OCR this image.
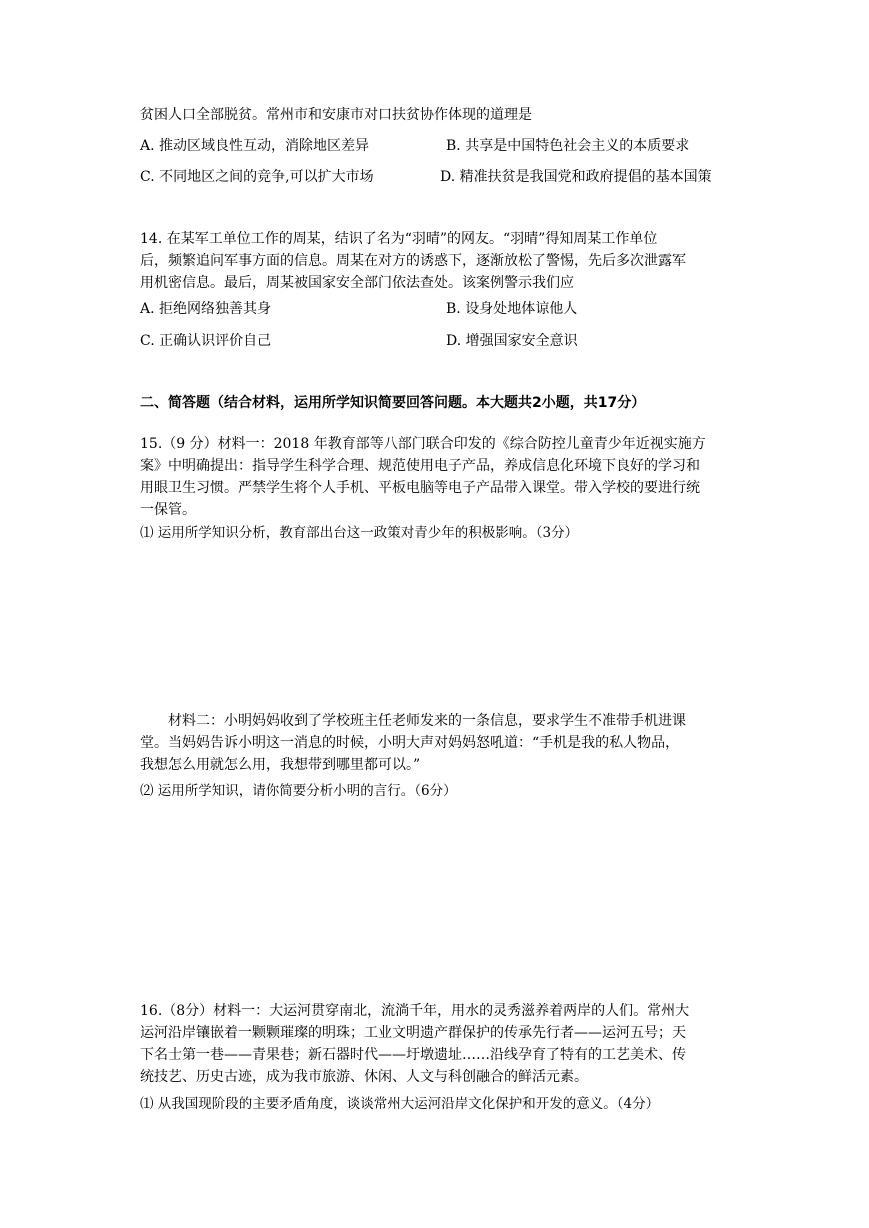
贫困人口全部脱贫。常州市和安康市对口扶贫协作体现的道理是
A. 推动区域良性互动，消除地区差异	B. 共享是中国特色社会主义的本质要求
C. 不同地区之间的竞争,可以扩大市场	D. 精准扶贫是我国党和政府提倡的基本国策
14. 在某军工单位工作的周某，结识了名为“羽晴”的网友。“羽晴”得知周某工作单位
后，频繁追问军事方面的信息。周某在对方的诱惑下，逐渐放松了警惕，先后多次泄露军
用机密信息。最后，周某被国家安全部门依法查处。该案例警示我们应
A. 拒绝网络独善其身	B. 设身处地体谅他人
C. 正确认识评价自己	D. 增强国家安全意识
二、简答题（结合材料，运用所学知识简要回答问题。本大题共2小题，共17分）
15.（9 分）材料一：2018 年教育部等八部门联合印发的《综合防控儿童青少年近视实施方
案》中明确提出：指导学生科学合理、规范使用电子产品，养成信息化环境下良好的学习和
用眼卫生习惯。严禁学生将个人手机、平板电脑等电子产品带入课堂。带入学校的要进行统
一保管。
⑴ 运用所学知识分析，教育部出台这一政策对青少年的积极影响。（3分）
材料二：小明妈妈收到了学校班主任老师发来的一条信息，要求学生不准带手机进课
堂。当妈妈告诉小明这一消息的时候，小明大声对妈妈怒吼道：“手机是我的私人物品，
我想怎么用就怎么用，我想带到哪里都可以。”
⑵ 运用所学知识，请你简要分析小明的言行。（6分）
16.（8分）材料一：大运河贯穿南北，流淌千年，用水的灵秀滋养着两岸的人们。常州大
运河沿岸镶嵌着一颗颗璀璨的明珠；工业文明遗产群保护的传承先行者——运河五号；天
下名士第一巷——青果巷；新石器时代——圩墩遗址……沿线孕育了特有的工艺美术、传
统技艺、历史古迹，成为我市旅游、休闲、人文与科创融合的鲜活元素。
⑴ 从我国现阶段的主要矛盾角度，谈谈常州大运河沿岸文化保护和开发的意义。（4分）
